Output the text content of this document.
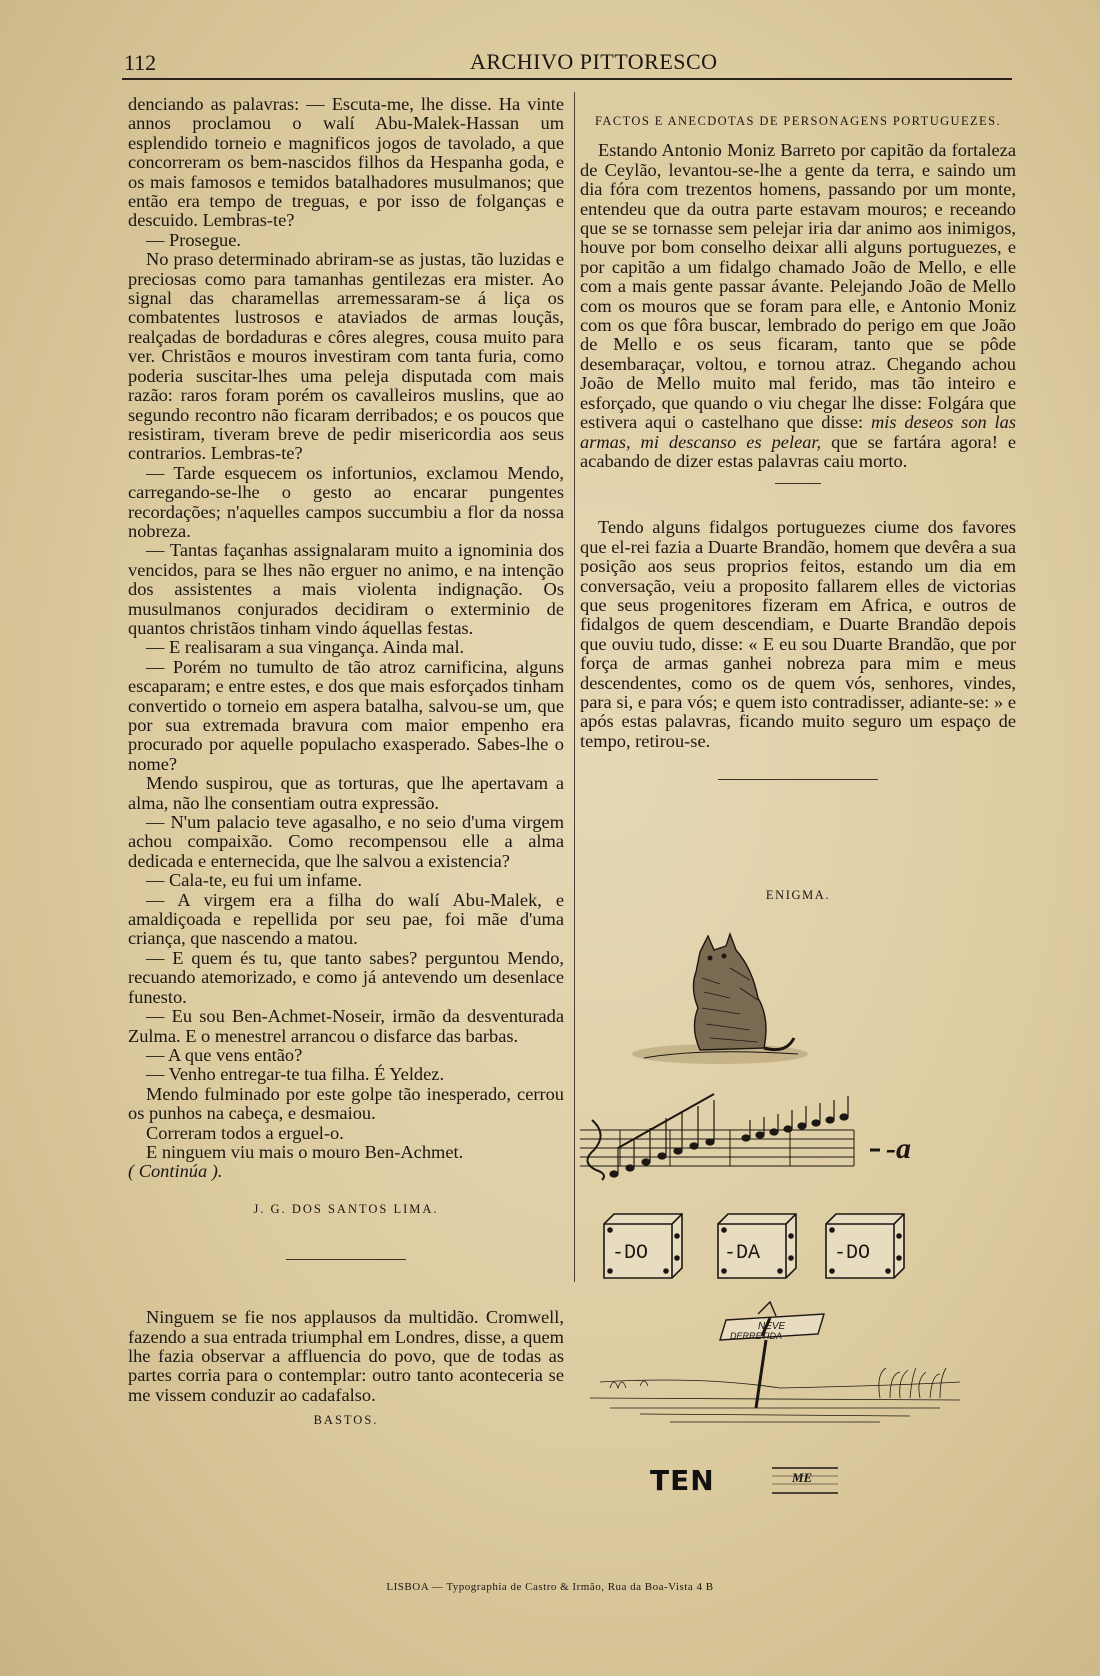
112	ARCHIVO PITTORESCO

denciando as palavras: — Escuta-me, lhe disse. Ha vinte annos proclamou o walí Abu-Malek-Hassan um esplendido torneio e magnificos jogos de tavolado, a que concorreram os bem-nascidos filhos da Hespanha goda, e os mais famosos e temidos batalhadores musulmanos; que então era tempo de treguas, e por isso de folganças e descuido. Lembras-te?

— Prosegue.

No praso determinado abriram-se as justas, tão luzidas e preciosas como para tamanhas gentilezas era mister. Ao signal das charamellas arremessaram-se á liça os combatentes lustrosos e ataviados de armas louçãs, realçadas de bordaduras e côres alegres, cousa muito para ver. Christãos e mouros investiram com tanta furia, como poderia suscitar-lhes uma peleja disputada com mais razão: raros foram porém os cavalleiros muslins, que ao segundo recontro não ficaram derribados; e os poucos que resistiram, tiveram breve de pedir misericordia aos seus contrarios. Lembras-te?

— Tarde esquecem os infortunios, exclamou Mendo, carregando-se-lhe o gesto ao encarar pungentes recordações; n'aquelles campos succumbiu a flor da nossa nobreza.

— Tantas façanhas assignalaram muito a ignominia dos vencidos, para se lhes não erguer no animo, e na intenção dos assistentes a mais violenta indignação. Os musulmanos conjurados decidiram o exterminio de quantos christãos tinham vindo áquellas festas.

— E realisaram a sua vingança. Ainda mal.

— Porém no tumulto de tão atroz carnificina, alguns escaparam; e entre estes, e dos que mais esforçados tinham convertido o torneio em aspera batalha, salvou-se um, que por sua extremada bravura com maior empenho era procurado por aquelle populacho exasperado. Sabes-lhe o nome?

Mendo suspirou, que as torturas, que lhe apertavam a alma, não lhe consentiam outra expressão.

— N'um palacio teve agasalho, e no seio d'uma virgem achou compaixão. Como recompensou elle a alma dedicada e enternecida, que lhe salvou a existencia?

— Cala-te, eu fui um infame.

— A virgem era a filha do walí Abu-Malek, e amaldiçoada e repellida por seu pae, foi mãe d'uma criança, que nascendo a matou.

— E quem és tu, que tanto sabes? perguntou Mendo, recuando atemorizado, e como já antevendo um desenlace funesto.

— Eu sou Ben-Achmet-Noseir, irmão da desventurada Zulma. E o menestrel arrancou o disfarce das barbas.

— A que vens então?

— Venho entregar-te tua filha. É Yeldez.

Mendo fulminado por este golpe tão inesperado, cerrou os punhos na cabeça, e desmaiou.

Correram todos a erguel-o.

E ninguem viu mais o mouro Ben-Achmet.

( Continúa ).

J. G. DOS SANTOS LIMA.

Ninguem se fie nos applausos da multidão. Cromwell, fazendo a sua entrada triumphal em Londres, disse, a quem lhe fazia observar a affluencia do povo, que de todas as partes corria para o contemplar: outro tanto aconteceria se me vissem conduzir ao cadafalso.

BASTOS.
FACTOS E ANECDOTAS DE PERSONAGENS PORTUGUEZES.

Estando Antonio Moniz Barreto por capitão da fortaleza de Ceylão, levantou-se-lhe a gente da terra, e saindo um dia fóra com trezentos homens, passando por um monte, entendeu que da outra parte estavam mouros; e receando que se se tornasse sem pelejar iria dar animo aos inimigos, houve por bom conselho deixar alli alguns portuguezes, e por capitão a um fidalgo chamado João de Mello, e elle com a mais gente passar ávante. Pelejando João de Mello com os mouros que se foram para elle, e Antonio Moniz com os que fôra buscar, lembrado do perigo em que João de Mello e os seus ficaram, tanto que se pôde desembaraçar, voltou, e tornou atraz. Chegando achou João de Mello muito mal ferido, mas tão inteiro e esforçado, que quando o viu chegar lhe disse: Folgára que estivera aqui o castelhano que disse: mis deseos son las armas, mi descanso es pelear, que se fartára agora! e acabando de dizer estas palavras caiu morto.

Tendo alguns fidalgos portuguezes ciume dos favores que el-rei fazia a Duarte Brandão, homem que devêra a sua posição aos seus proprios feitos, estando um dia em conversação, veiu a proposito fallarem elles de victorias que seus progenitores fizeram em Africa, e outros de fidalgos de quem descendiam, e Duarte Brandão depois que ouviu tudo, disse: « E eu sou Duarte Brandão, que por força de armas ganhei nobreza para mim e meus descendentes, como os de quem vós, senhores, vindes, para si, e para vós; e quem isto contradisser, adiante-se: » e após estas palavras, ficando muito seguro um espaço de tempo, retirou-se.

ENIGMA.
-a
-DO	-DA	-DO
NEVE
DERRETIDA
TEN	ME
LISBOA — Typographia de Castro & Irmão, Rua da Boa-Vista 4 B
